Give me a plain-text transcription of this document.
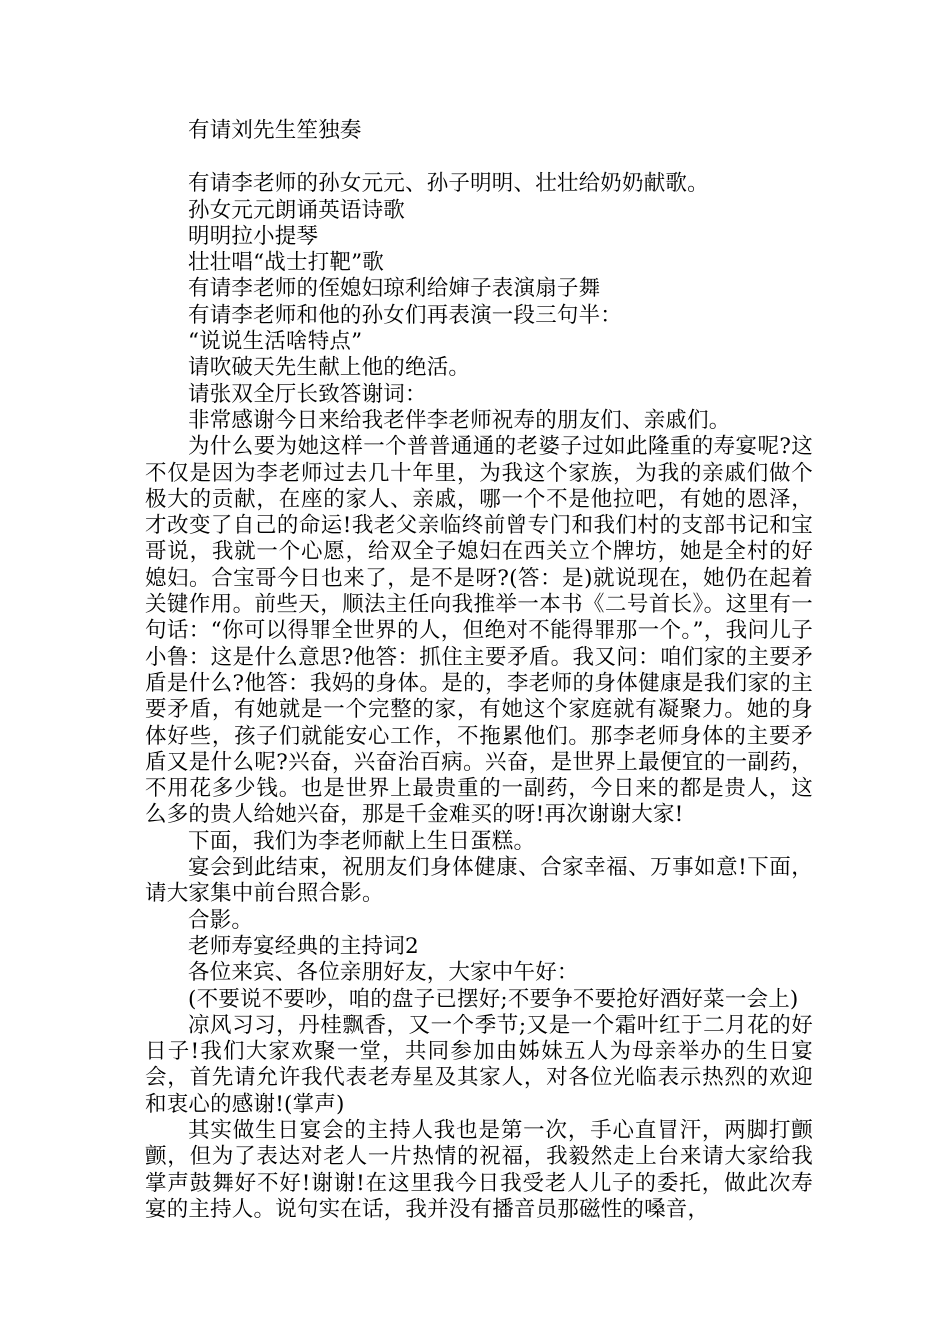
有请刘先生笙独奏

有请李老师的孙女元元、孙子明明、壮壮给奶奶献歌。

孙女元元朗诵英语诗歌

明明拉小提琴

壮壮唱“战士打靶”歌

有请李老师的侄媳妇琼利给婶子表演扇子舞

有请李老师和他的孙女们再表演一段三句半：

“说说生活啥特点”

请吹破天先生献上他的绝活。

请张双全厅长致答谢词：

非常感谢今日来给我老伴李老师祝寿的朋友们、亲戚们。

为什么要为她这样一个普普通通的老婆子过如此隆重的寿宴呢?这不仅是因为李老师过去几十年里，为我这个家族，为我的亲戚们做个极大的贡献，在座的家人、亲戚，哪一个不是他拉吧，有她的恩泽，才改变了自己的命运!我老父亲临终前曾专门和我们村的支部书记和宝哥说，我就一个心愿，给双全子媳妇在西关立个牌坊，她是全村的好媳妇。合宝哥今日也来了，是不是呀?(答：是)就说现在，她仍在起着关键作用。前些天，顺法主任向我推举一本书《二号首长》。这里有一句话：“你可以得罪全世界的人，但绝对不能得罪那一个。”，我问儿子小鲁：这是什么意思?他答：抓住主要矛盾。我又问：咱们家的主要矛盾是什么?他答：我妈的身体。是的，李老师的身体健康是我们家的主要矛盾，有她就是一个完整的家，有她这个家庭就有凝聚力。她的身体好些，孩子们就能安心工作，不拖累他们。那李老师身体的主要矛盾又是什么呢?兴奋，兴奋治百病。兴奋，是世界上最便宜的一副药，不用花多少钱。也是世界上最贵重的一副药，今日来的都是贵人，这么多的贵人给她兴奋，那是千金难买的呀!再次谢谢大家!

下面，我们为李老师献上生日蛋糕。

宴会到此结束，祝朋友们身体健康、合家幸福、万事如意!下面，请大家集中前台照合影。

合影。

老师寿宴经典的主持词2

各位来宾、各位亲朋好友，大家中午好：

(不要说不要吵，咱的盘子已摆好;不要争不要抢好酒好菜一会上)

凉风习习，丹桂飘香，又一个季节;又是一个霜叶红于二月花的好日子!我们大家欢聚一堂，共同参加由姊妹五人为母亲举办的生日宴会，首先请允许我代表老寿星及其家人，对各位光临表示热烈的欢迎和衷心的感谢!(掌声)

其实做生日宴会的主持人我也是第一次，手心直冒汗，两脚打颤颤，但为了表达对老人一片热情的祝福，我毅然走上台来请大家给我掌声鼓舞好不好!谢谢!在这里我今日我受老人儿子的委托，做此次寿宴的主持人。说句实在话，我并没有播音员那磁性的嗓音，
